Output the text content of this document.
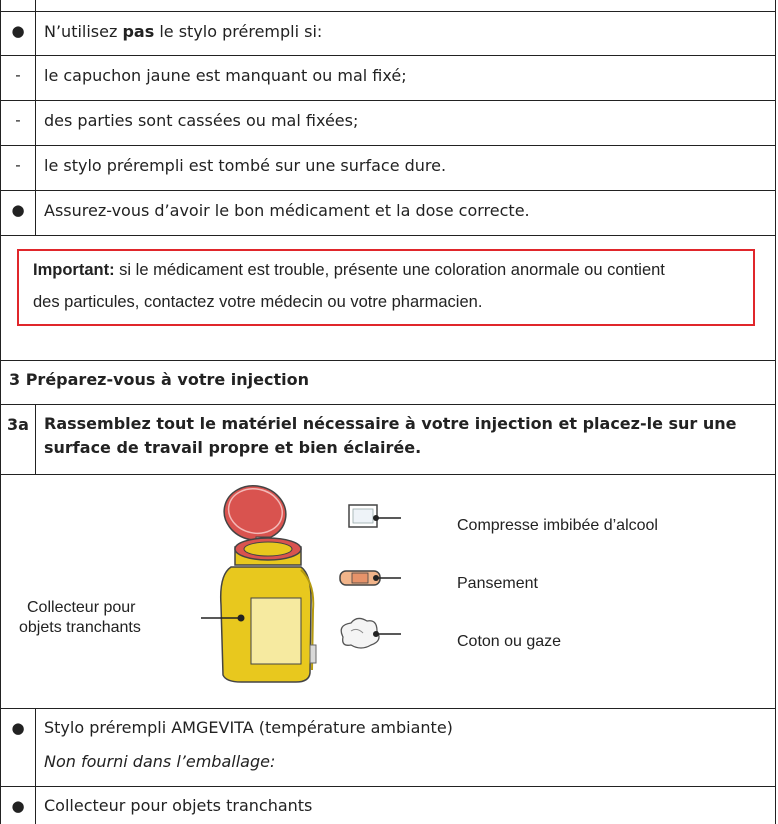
●	N’utilisez pas le stylo prérempli si:
-	le capuchon jaune est manquant ou mal fixé;
-	des parties sont cassées ou mal fixées;
-	le stylo prérempli est tombé sur une surface dure.
●	Assurez-vous d’avoir le bon médicament et la dose correcte.
Important: si le médicament est trouble, présente une coloration anormale ou contient
des particules, contactez votre médecin ou votre pharmacien.
3 Préparez-vous à votre injection
3a Rassemblez tout le matériel nécessaire à votre injection et placez-le sur une surface de travail propre et bien éclairée.
Collecteur pour
objets tranchants
Compresse imbibée d’alcool
Pansement
Coton ou gaze
●	Stylo prérempli AMGEVITA (température ambiante)
Non fourni dans l’emballage:
●	Collecteur pour objets tranchants
